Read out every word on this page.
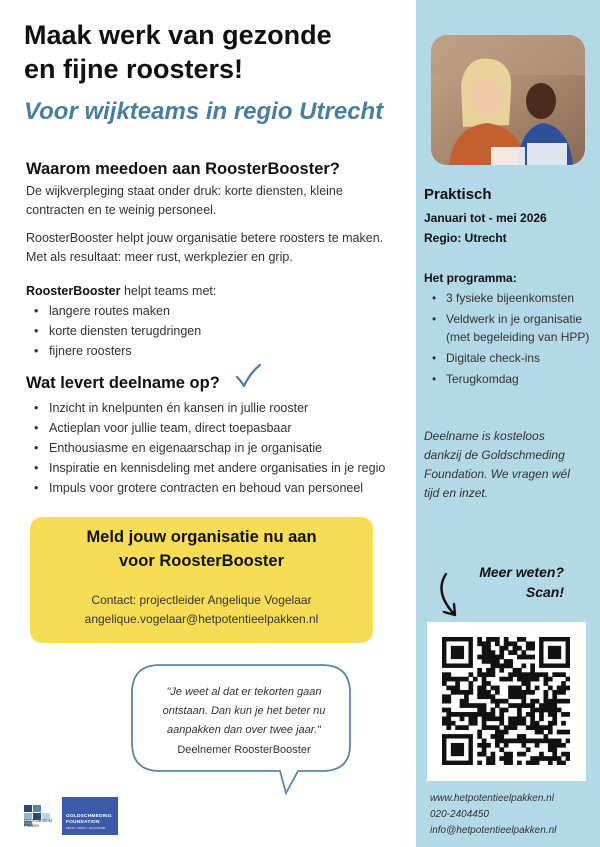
Maak werk van gezonde
en fijne roosters!
Voor wijkteams in regio Utrecht
Waarom meedoen aan RoosterBooster?
De wijkverpleging staat onder druk: korte diensten, kleine contracten en te weinig personeel.
RoosterBooster helpt jouw organisatie betere roosters te maken. Met als resultaat: meer rust, werkplezier en grip.
RoosterBooster helpt teams met:
• langere routes maken
• korte diensten terugdringen
• fijnere roosters
Wat levert deelname op?
• Inzicht in knelpunten én kansen in jullie rooster
• Actieplan voor jullie team, direct toepasbaar
• Enthousiasme en eigenaarschap in je organisatie
• Inspiratie en kennisdeling met andere organisaties in je regio
• Impuls voor grotere contracten en behoud van personeel
Meld jouw organisatie nu aan
voor RoosterBooster
Contact: projectleider Angelique Vogelaar
angelique.vogelaar@hetpotentieelpakken.nl
"Je weet al dat er tekorten gaan ontstaan. Dan kun je het beter nu aanpakken dan over twee jaar."
Deelnemer RoosterBooster
Het Potentieel Pakken
GOLDSCHMEDING
FOUNDATION
MENS • WERK • ECONOMIE
Praktisch
Januari tot - mei 2026
Regio: Utrecht
Het programma:
• 3 fysieke bijeenkomsten
• Veldwerk in je organisatie (met begeleiding van HPP)
• Digitale check-ins
• Terugkomdag
Deelname is kosteloos dankzij de Goldschmeding Foundation. We vragen wél tijd en inzet.
Meer weten?
Scan!
www.hetpotentieelpakken.nl
020-2404450
info@hetpotentieelpakken.nl
